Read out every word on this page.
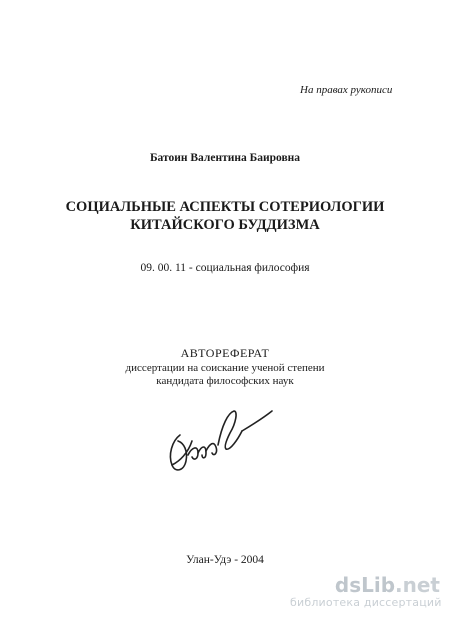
На правах рукописи
Батоин Валентина Баировна
СОЦИАЛЬНЫЕ АСПЕКТЫ СОТЕРИОЛОГИИ
КИТАЙСКОГО БУДДИЗМА
09. 00. 11 - социальная философия
АВТОРЕФЕРАТ
диссертации на соискание ученой степени
кандидата философских наук
Улан-Удэ - 2004
dsLib.net
библиотека диссертаций
